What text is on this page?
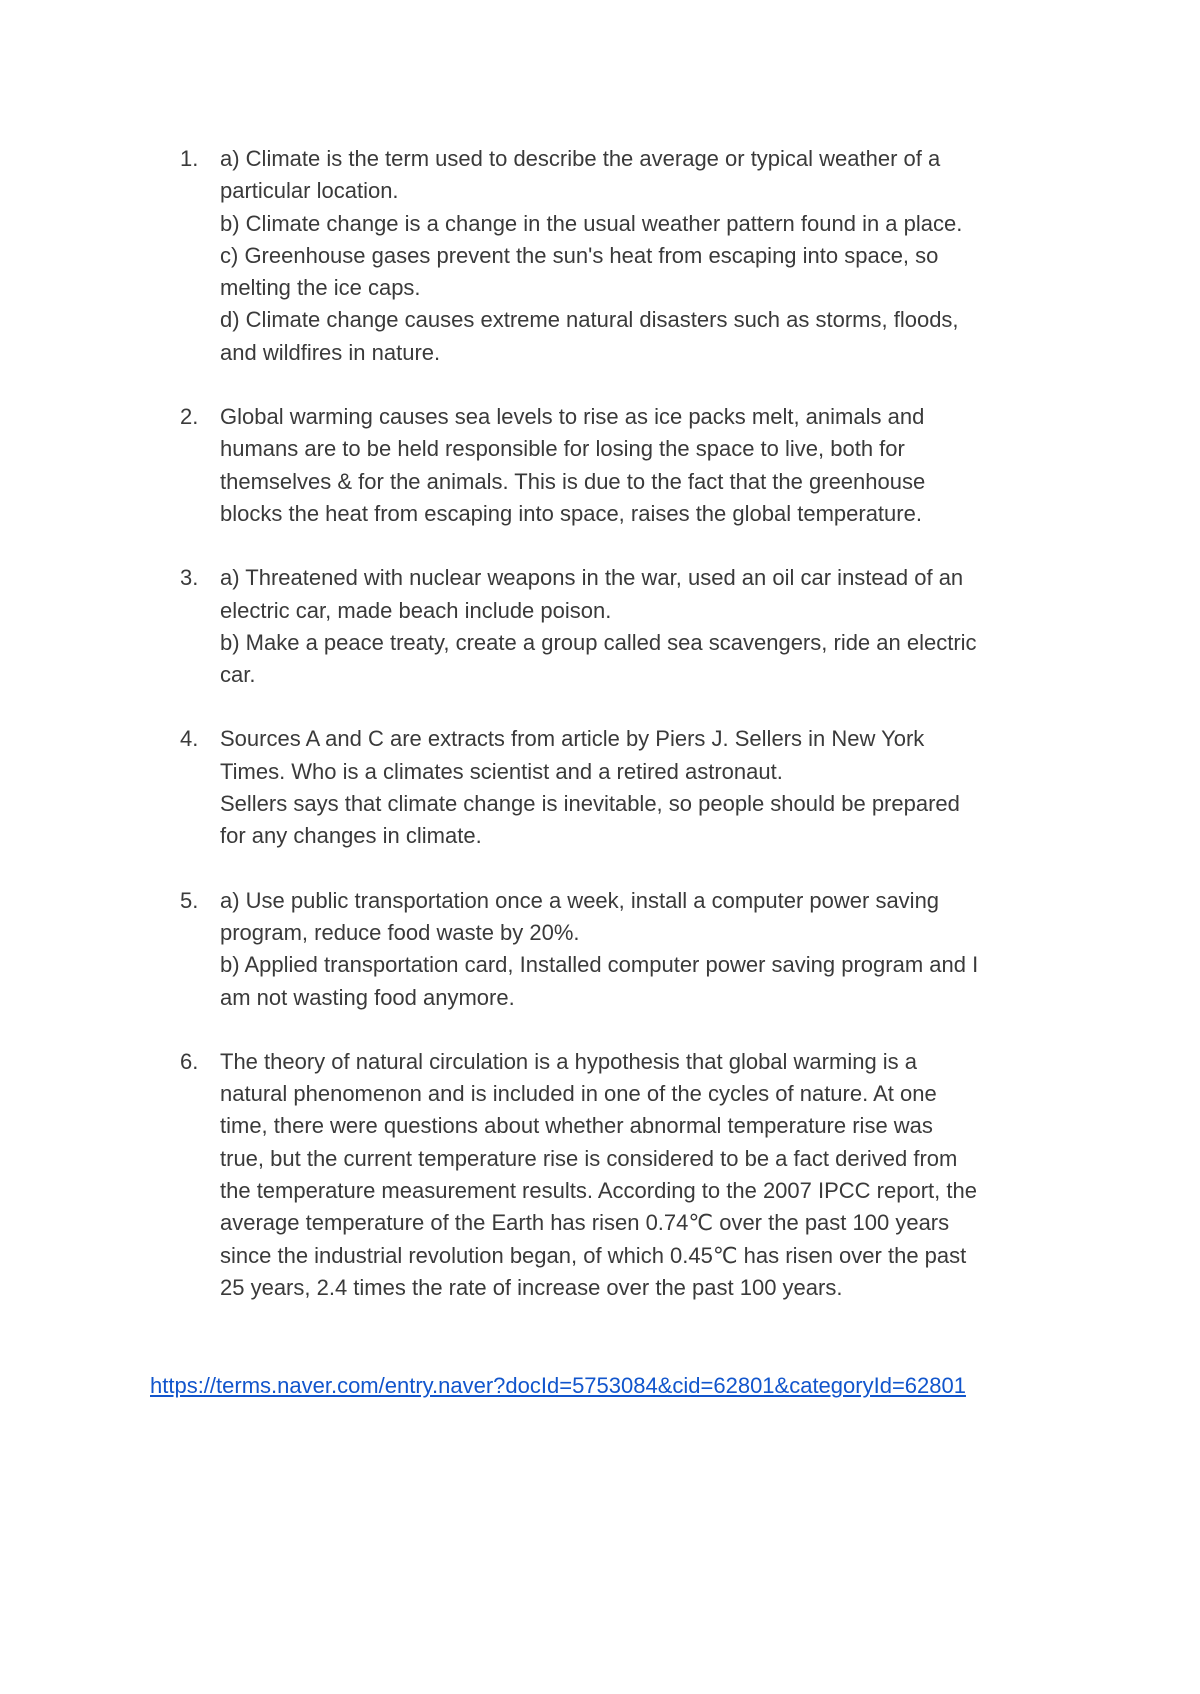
1. a) Climate is the term used to describe the average or typical weather of a
particular location.
b) Climate change is a change in the usual weather pattern found in a place.
c) Greenhouse gases prevent the sun's heat from escaping into space, so
melting the ice caps.
d) Climate change causes extreme natural disasters such as storms, floods,
and wildfires in nature.
2. Global warming causes sea levels to rise as ice packs melt, animals and
humans are to be held responsible for losing the space to live, both for
themselves & for the animals. This is due to the fact that the greenhouse
blocks the heat from escaping into space, raises the global temperature.
3. a) Threatened with nuclear weapons in the war, used an oil car instead of an
electric car, made beach include poison.
b) Make a peace treaty, create a group called sea scavengers, ride an electric
car.
4. Sources A and C are extracts from article by Piers J. Sellers in New York
Times. Who is a climates scientist and a retired astronaut.
Sellers says that climate change is inevitable, so people should be prepared
for any changes in climate.
5. a) Use public transportation once a week, install a computer power saving
program, reduce food waste by 20%.
b) Applied transportation card, Installed computer power saving program and I
am not wasting food anymore.
6. The theory of natural circulation is a hypothesis that global warming is a
natural phenomenon and is included in one of the cycles of nature. At one
time, there were questions about whether abnormal temperature rise was
true, but the current temperature rise is considered to be a fact derived from
the temperature measurement results. According to the 2007 IPCC report, the
average temperature of the Earth has risen 0.74℃ over the past 100 years
since the industrial revolution began, of which 0.45℃ has risen over the past
25 years, 2.4 times the rate of increase over the past 100 years.
https://terms.naver.com/entry.naver?docId=5753084&cid=62801&categoryId=62801
